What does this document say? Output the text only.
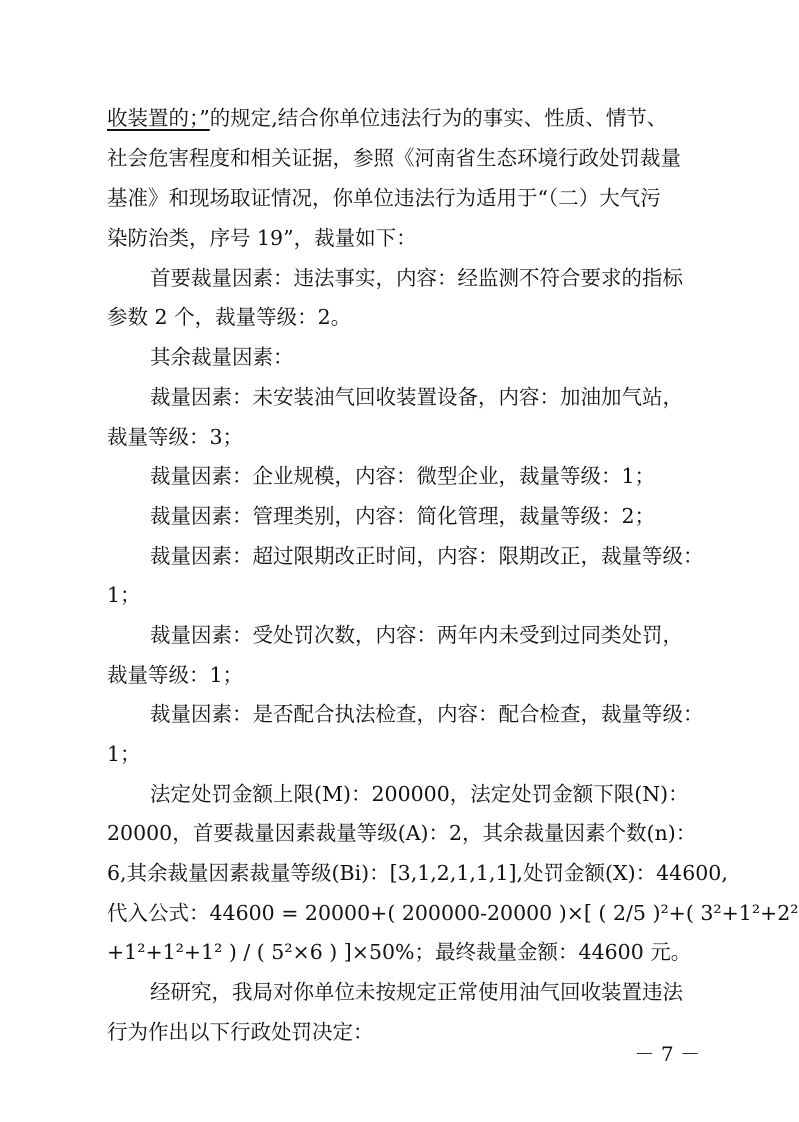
收装置的；”的规定,结合你单位违法行为的事实、性质、情节、
社会危害程度和相关证据，参照《河南省生态环境行政处罚裁量
基准》和现场取证情况，你单位违法行为适用于“（二）大气污
染防治类，序号 19”，裁量如下：
首要裁量因素：违法事实，内容：经监测不符合要求的指标
参数 2 个，裁量等级：2。
其余裁量因素：
裁量因素：未安装油气回收装置设备，内容：加油加气站，
裁量等级：3；
裁量因素：企业规模，内容：微型企业，裁量等级：1；
裁量因素：管理类别，内容：简化管理，裁量等级：2；
裁量因素：超过限期改正时间，内容：限期改正，裁量等级：
1；
裁量因素：受处罚次数，内容：两年内未受到过同类处罚，
裁量等级：1；
裁量因素：是否配合执法检查，内容：配合检查，裁量等级：
1；
法定处罚金额上限(M)：200000，法定处罚金额下限(N)：
20000，首要裁量因素裁量等级(A)：2，其余裁量因素个数(n)：
6,其余裁量因素裁量等级(Bi)：[3,1,2,1,1,1],处罚金额(X)：44600,
代入公式：44600 = 20000+( 200000-20000 )×[ ( 2/5 )²+( 3²+1²+2²
+1²+1²+1² ) / ( 5²×6 ) ]×50%；最终裁量金额：44600 元。
经研究，我局对你单位未按规定正常使用油气回收装置违法
行为作出以下行政处罚决定：
－ 7 －
